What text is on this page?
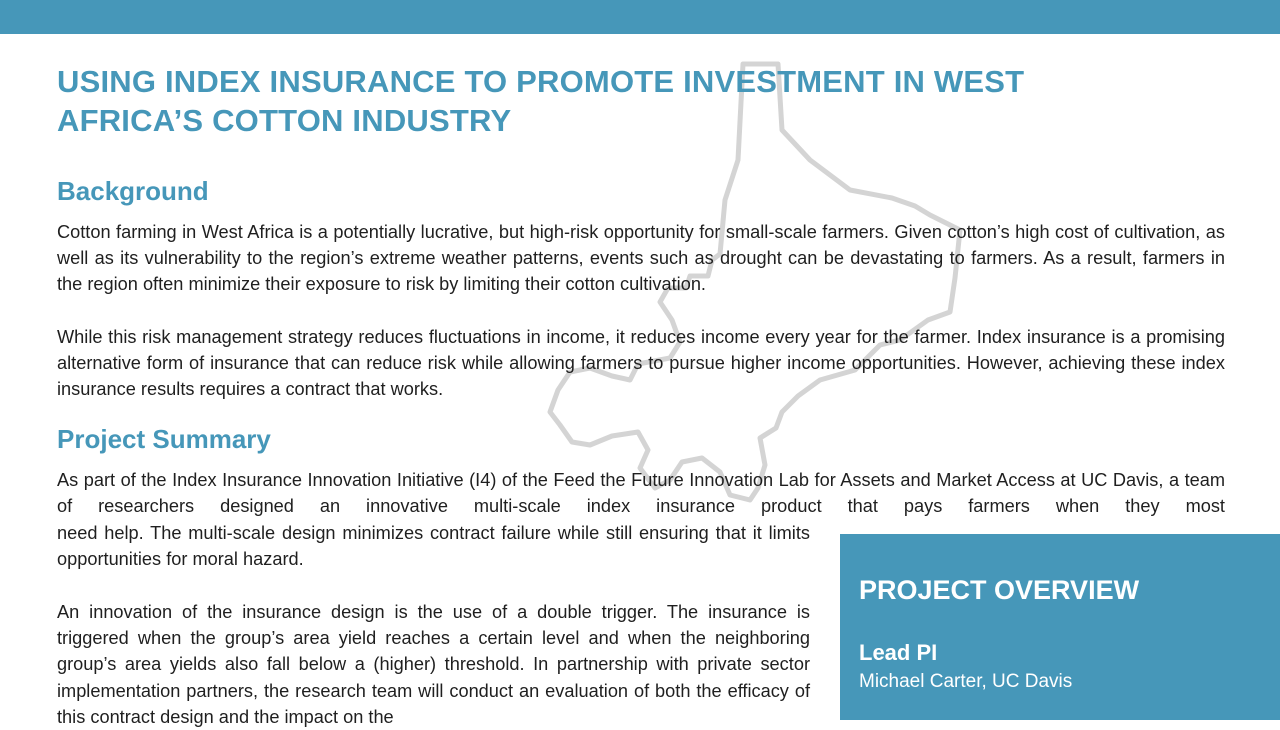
USING INDEX INSURANCE TO PROMOTE INVESTMENT IN WEST
AFRICA’S COTTON INDUSTRY
Background

Cotton farming in West Africa is a potentially lucrative, but high-risk opportunity for small-scale farmers. Given cotton’s high cost of cultivation, as well as its vulnerability to the region’s extreme weather patterns, events such as drought can be devastating to farmers. As a result, farmers in the region often minimize their exposure to risk by limiting their cotton cultivation.

While this risk management strategy reduces fluctuations in income, it reduces income every year for the farmer. Index insurance is a promising alternative form of insurance that can reduce risk while allowing farmers to pursue higher income opportunities. However, achieving these index insurance results requires a contract that works.

Project Summary

As part of the Index Insurance Innovation Initiative (I4) of the Feed the Future Innovation Lab for Assets and Market Access at UC Davis, a team of researchers designed an innovative multi-scale index insurance product that pays farmers when they most

need help. The multi-scale design minimizes contract failure while still ensuring that it limits opportunities for moral hazard.

An innovation of the insurance design is the use of a double trigger. The insurance is triggered when the group’s area yield reaches a certain level and when the neighboring group’s area yields also fall below a (higher) threshold. In partnership with private sector implementation partners, the research team will conduct an evaluation of both the efficacy of this contract design and the impact on the

PROJECT OVERVIEW
Lead PI

Michael Carter, UC Davis
